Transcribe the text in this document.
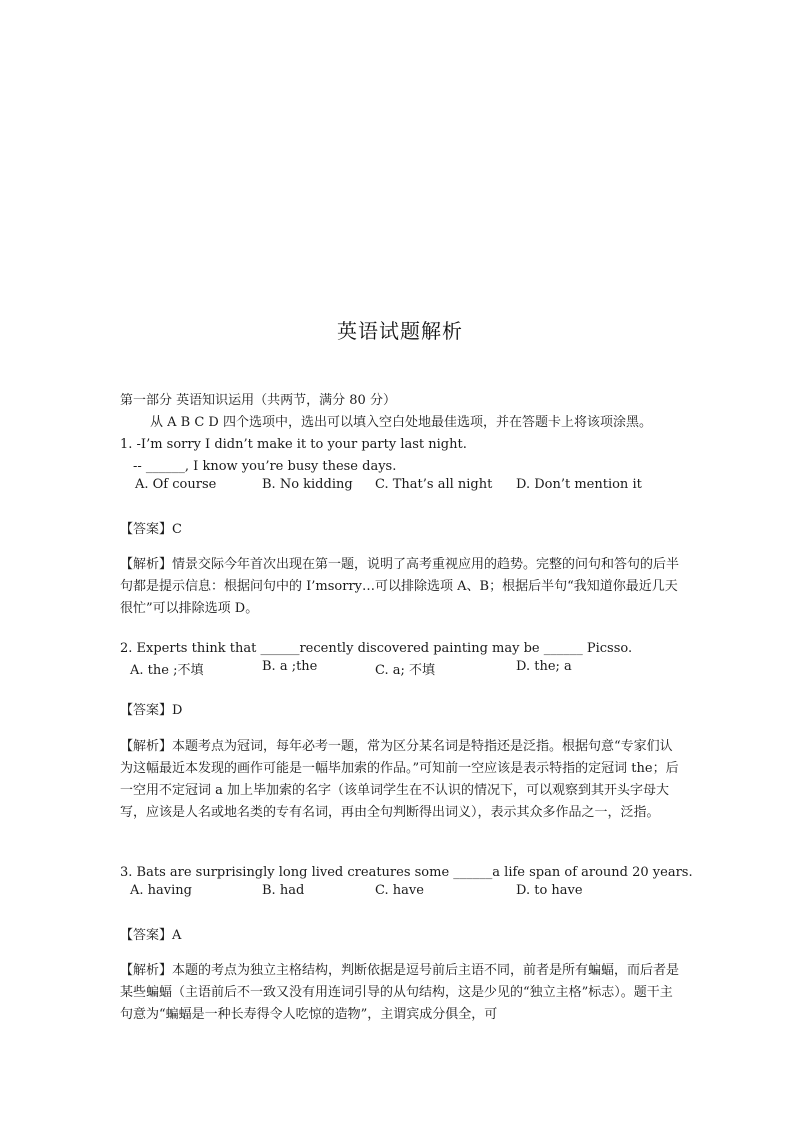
英语试题解析
第一部分 英语知识运用（共两节，满分 80 分）
从 A B C D 四个选项中，选出可以填入空白处地最佳选项，并在答题卡上将该项涂黑。
1. -I’m sorry I didn’t make it to your party last night.
-- ______, I know you’re busy these days.
A. Of course	B. No kidding C. That’s all night D. Don’t mention it
【答案】C
【解析】情景交际今年首次出现在第一题，说明了高考重视应用的趋势。完整的问句和答句的后半句都是提示信息：根据问句中的 I’msorry…可以排除选项 A、B；根据后半句“我知道你最近几天很忙”可以排除选项 D。
2. Experts think that ______recently discovered painting may be ______ Picsso.
A. the ;不填	B. a ;the	C. a; 不填	D. the; a
【答案】D
【解析】本题考点为冠词，每年必考一题，常为区分某名词是特指还是泛指。根据句意“专家们认为这幅最近本发现的画作可能是一幅毕加索的作品。”可知前一空应该是表示特指的定冠词 the；后一空用不定冠词 a 加上毕加索的名字（该单词学生在不认识的情况下，可以观察到其开头字母大写，应该是人名或地名类的专有名词，再由全句判断得出词义），表示其众多作品之一，泛指。
3. Bats are surprisingly long lived creatures some ______a life span of around 20 years.
A. having	B. had	C. have	D. to have
【答案】A
【解析】本题的考点为独立主格结构，判断依据是逗号前后主语不同，前者是所有蝙蝠，而后者是某些蝙蝠（主语前后不一致又没有用连词引导的从句结构，这是少见的“独立主格”标志）。题干主句意为“蝙蝠是一种长寿得令人吃惊的造物”，主谓宾成分俱全，可
